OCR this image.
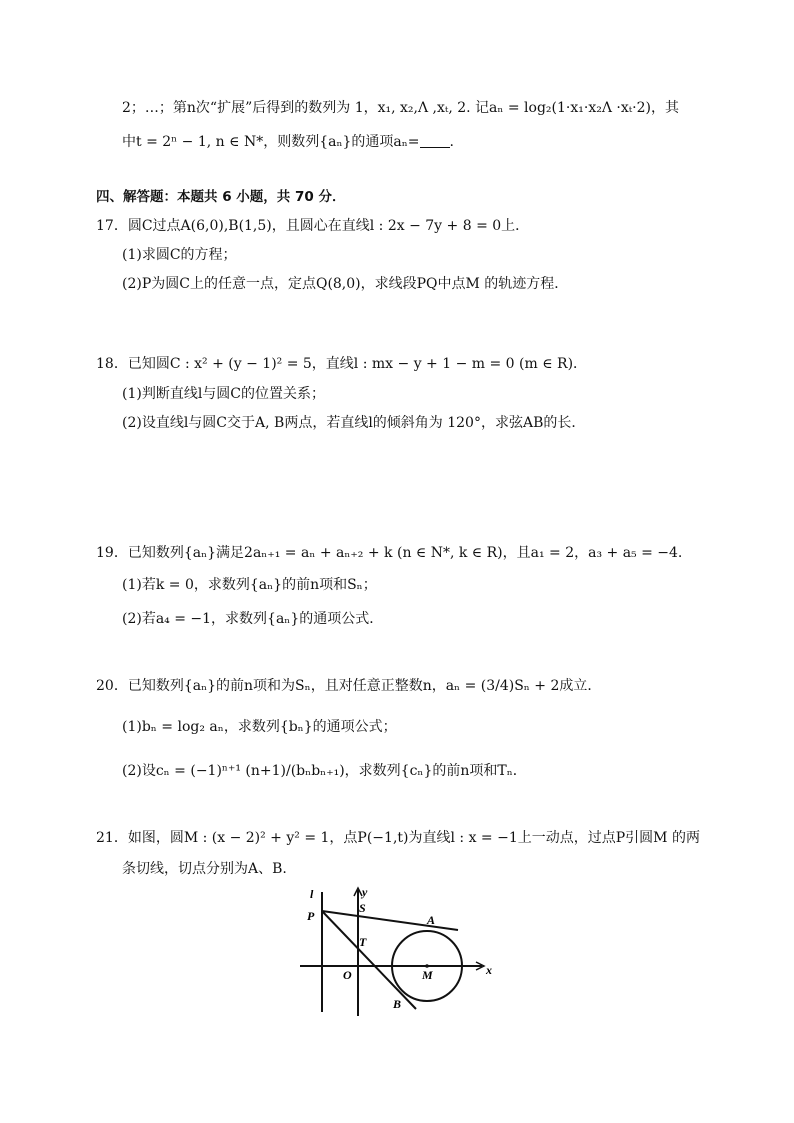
2；…；第n次“扩展”后得到的数列为 1，x₁, x₂,Λ ,xₜ, 2. 记aₙ = log₂(1·x₁·x₂Λ ·xₜ·2)，其
中t = 2ⁿ − 1, n ∈ N*，则数列{aₙ}的通项aₙ= .
四、解答题：本题共 6 小题，共 70 分．
17．圆C过点A(6,0),B(1,5)，且圆心在直线l : 2x − 7y + 8 = 0上．
(1)求圆C的方程；
(2)P为圆C上的任意一点，定点Q(8,0)，求线段PQ中点M 的轨迹方程．
18．已知圆C : x² + (y − 1)² = 5，直线l : mx − y + 1 − m = 0 (m ∈ R)．
(1)判断直线l与圆C的位置关系；
(2)设直线l与圆C交于A, B两点，若直线l的倾斜角为 120°，求弦AB的长．
19．已知数列{aₙ}满足2aₙ₊₁ = aₙ + aₙ₊₂ + k (n ∈ N*, k ∈ R)，且a₁ = 2，a₃ + a₅ = −4.
(1)若k = 0，求数列{aₙ}的前n项和Sₙ；
(2)若a₄ = −1，求数列{aₙ}的通项公式．
20．已知数列{aₙ}的前n项和为Sₙ，且对任意正整数n，aₙ = (3/4)Sₙ + 2成立．
(1)bₙ = log₂ aₙ，求数列{bₙ}的通项公式；
(2)设cₙ = (−1)ⁿ⁺¹ (n+1)/(bₙbₙ₊₁)，求数列{cₙ}的前n项和Tₙ．
21．如图，圆M : (x − 2)² + y² = 1，点P(−1,t)为直线l : x = −1上一动点，过点P引圆M 的两
条切线，切点分别为A、B.
l	y
x
P
S
T
O
A
M
B
